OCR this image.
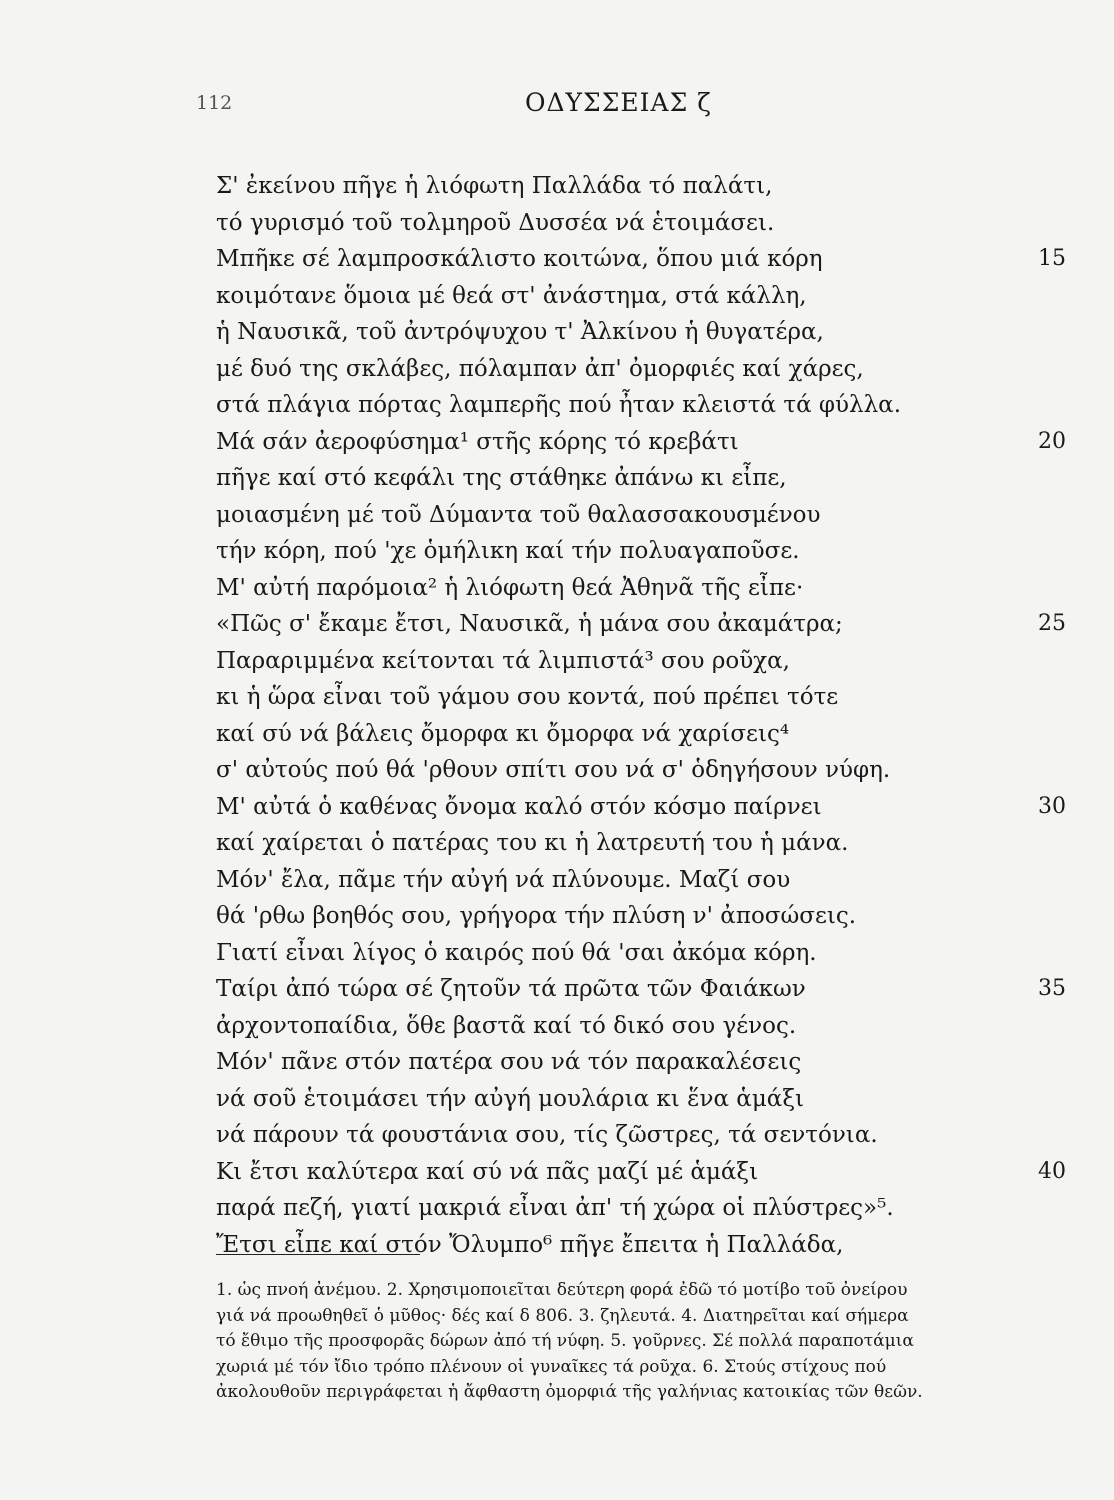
112	ΟΔΥΣΣΕΙΑΣ ζ
Σ' ἐκείνου πῆγε ἡ λιόφωτη Παλλάδα τό παλάτι,
τό γυρισμό τοῦ τολμηροῦ Δυσσέα νά ἑτοιμάσει.
Μπῆκε σέ λαμπροσκάλιστο κοιτώνα, ὅπου μιά κόρη	15
κοιμότανε ὅμοια μέ θεά στ' ἀνάστημα, στά κάλλη,
ἡ Ναυσικᾶ, τοῦ ἀντρόψυχου τ' Ἀλκίνου ἡ θυγατέρα,
μέ δυό της σκλάβες, πόλαμπαν ἀπ' ὀμορφιές καί χάρες,
στά πλάγια πόρτας λαμπερῆς πού ἦταν κλειστά τά φύλλα.
Μά σάν ἀεροφύσημα¹ στῆς κόρης τό κρεβάτι	20
πῆγε καί στό κεφάλι της στάθηκε ἀπάνω κι εἶπε,
μοιασμένη μέ τοῦ Δύμαντα τοῦ θαλασσακουσμένου
τήν κόρη, πού 'χε ὁμήλικη καί τήν πολυαγαποῦσε.
Μ' αὐτή παρόμοια² ἡ λιόφωτη θεά Ἀθηνᾶ τῆς εἶπε·
«Πῶς σ' ἔκαμε ἔτσι, Ναυσικᾶ, ἡ μάνα σου ἀκαμάτρα;	25
Παραριμμένα κείτονται τά λιμπιστά³ σου ροῦχα,
κι ἡ ὥρα εἶναι τοῦ γάμου σου κοντά, πού πρέπει τότε
καί σύ νά βάλεις ὄμορφα κι ὄμορφα νά χαρίσεις⁴
σ' αὐτούς πού θά 'ρθουν σπίτι σου νά σ' ὁδηγήσουν νύφη.
Μ' αὐτά ὁ καθένας ὄνομα καλό στόν κόσμο παίρνει	30
καί χαίρεται ὁ πατέρας του κι ἡ λατρευτή του ἡ μάνα.
Μόν' ἔλα, πᾶμε τήν αὐγή νά πλύνουμε. Μαζί σου
θά 'ρθω βοηθός σου, γρήγορα τήν πλύση ν' ἀποσώσεις.
Γιατί εἶναι λίγος ὁ καιρός πού θά 'σαι ἀκόμα κόρη.
Ταίρι ἀπό τώρα σέ ζητοῦν τά πρῶτα τῶν Φαιάκων	35
ἀρχοντοπαίδια, ὅθε βαστᾶ καί τό δικό σου γένος.
Μόν' πᾶνε στόν πατέρα σου νά τόν παρακαλέσεις
νά σοῦ ἑτοιμάσει τήν αὐγή μουλάρια κι ἕνα ἁμάξι
νά πάρουν τά φουστάνια σου, τίς ζῶστρες, τά σεντόνια.
Κι ἔτσι καλύτερα καί σύ νά πᾶς μαζί μέ ἁμάξι	40
παρά πεζή, γιατί μακριά εἶναι ἀπ' τή χώρα οἱ πλύστρες»⁵.
Ἔτσι εἶπε καί στόν Ὄλυμπο⁶ πῆγε ἔπειτα ἡ Παλλάδα,
1. ὡς πνοή ἀνέμου. 2. Χρησιμοποιεῖται δεύτερη φορά ἐδῶ τό μοτίβο τοῦ ὀνείρου
γιά νά προωθηθεῖ ὁ μῦθος· δές καί δ 806. 3. ζηλευτά. 4. Διατηρεῖται καί σήμερα
τό ἔθιμο τῆς προσφορᾶς δώρων ἀπό τή νύφη. 5. γοῦρνες. Σέ πολλά παραποτάμια
χωριά μέ τόν ἴδιο τρόπο πλένουν οἱ γυναῖκες τά ροῦχα. 6. Στούς στίχους πού
ἀκολουθοῦν περιγράφεται ἡ ἄφθαστη ὀμορφιά τῆς γαλήνιας κατοικίας τῶν θεῶν.
